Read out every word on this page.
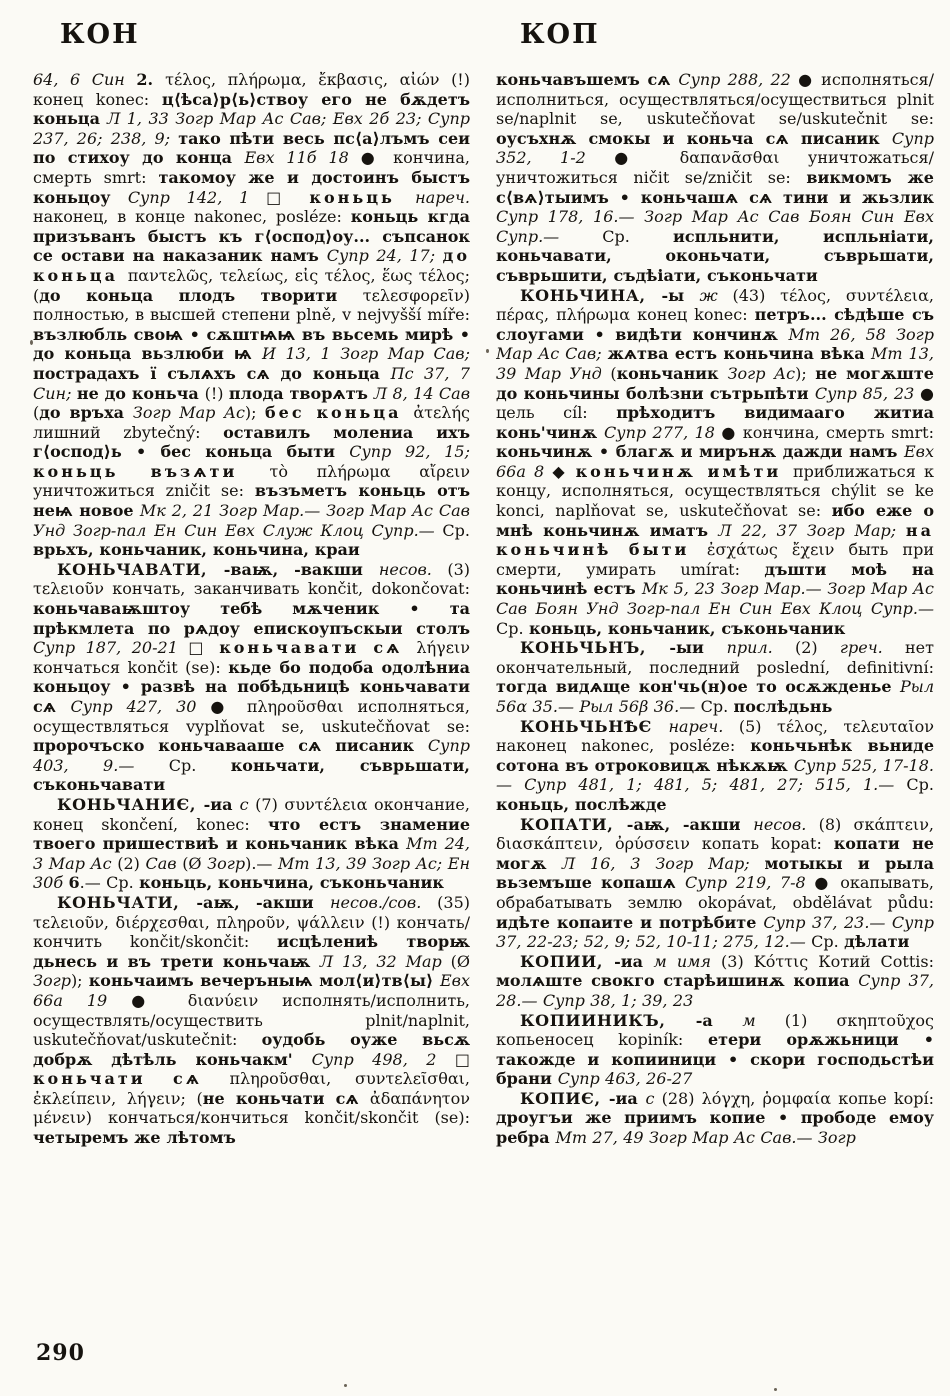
КОН	КОП

64, 6 Син 2. τέλος, πλήρωμα, ἔκβασις, αἰών (!) конец konec: ц⟨ѣса⟩р⟨ь⟩ствоу его не бѫдетъ коньца Л 1, 33 Зогр Мар Ас Сав; Евх 2б 23; Супр 237, 26; 238, 9; тако пѣти весь пс⟨а⟩лъмъ сеи по стихоу до конца Евх 11б 18 ● кончина, смерть smrt: такомоу же и достоинъ быстъ коньцоу Супр 142, 1 □ коньць нареч. наконец, в конце nakonec, posléze: коньць кгда призъванъ быстъ къ г⟨оспод⟩оу... съпсанок се остави на наказаник намъ Супр 24, 17; до коньца παντελῶς, τελείως, εἰς τέλος, ἕως τέλος; (до коньца плодъ творити τελεσφορεῖν) полностью, в высшей степени plně, v nejvyšší míře: възлюбль своѩ • сѫштѩѩ въ вьсемь мирѣ • до коньца вьзлюби ѩ И 13, 1 Зогр Мар Сав; пострадахъ ї сълѧхъ сѧ до коньца Пс 37, 7 Син; не до коньча (!) плода творѧтъ Л 8, 14 Сав (до връха Зогр Мар Ас); бес коньца ἀτελής лишний zbytečný: оставилъ молениа ихъ г⟨оспод⟩ь • бес коньца быти Супр 92, 15; коньць възѧти τὸ πλήρωμα αἴρειν уничтожиться zničit se: възъметъ коньць отъ неѩ новое Мк 2, 21 Зогр Мар.— Зогр Мар Ас Сав Унд Зогр-пал Ен Син Евх Служ Клоц Супр.— Ср. врьхъ, коньчаник, коньчина, краи

КОНЬЧАВАТИ, -ваѭ, -вакши несов. (3) τελειοῦν кончать, заканчивать končit, dokončovat: коньчаваѭштоу тебѣ мѫченик • та прѣкмлета по рѧдоу епискоупъскыи столъ Супр 187, 20-21 □ коньчавати сѧ λήγειν кончаться končit (se): кьде бо подоба одолѣниа коньцоу • развѣ на побѣдьницѣ коньчавати сѧ Супр 427, 30 ● πληροῦσθαι исполняться, осуществляться vyplňovat se, uskutečňovat se: пророчъско коньчавааше сѧ писаник Супр 403, 9.— Ср. коньчати, съврьшати, съконьчавати

КОНЬЧАНИЄ, -иа с (7) συντέλεια окончание, конец skončení, konec: что естъ знамение твоего пришествиѣ и коньчаник вѣка Мт 24, 3 Мар Ас (2) Сав (Ø Зогр).— Мт 13, 39 Зогр Ас; Ен 30б 6.— Ср. коньць, коньчина, съконьчаник

КОНЬЧАТИ, -аѭ, -акши несов./сов. (35) τελειοῦν, διέρχεσθαι, πληροῦν, ψάλλειν (!) кончать/кончить končit/skončit: исцѣлениѣ творѭ дьнесь и въ трети коньчаѭ Л 13, 32 Мар (Ø Зогр); коньчаимъ вечеръныѩ мол⟨и⟩тв⟨ы⟩ Евх 66а 19 ● διανύειν исполнять/исполнить, осуществлять/осуществить plnit/naplnit, uskutečňovat/uskutečnit: оудобь оуже вьсѫ добрѫ дѣтѣль коньчакм' Супр 498, 2 □ коньчати сѧ πληροῦσθαι, συντελεῖσθαι, ἐκλείπειν, λήγειν; (не коньчати сѧ ἀδαπάνητον μένειν) кончаться/кончиться končit/skončit (se): четыремъ же лѣтомъ

коньчавъшемъ сѧ Супр 288, 22 ● исполняться/исполниться, осуществляться/осуществиться plnit se/naplnit se, uskutečňovat se/uskutečnit se: оусъхнѫ смокы и коньча сѧ писаник Супр 352, 1-2 ● δαπανᾶσθαι уничтожаться/уничтожиться ničit se/zničit se: викмомъ же с⟨вѧ⟩тыимъ • коньчашѧ сѧ тини и жьзлик Супр 178, 16.— Зогр Мар Ас Сав Боян Син Евх Супр.— Ср. испльнити, испльніати, коньчавати, оконьчати, съврьшати, съврьшити, съдѣіати, съконьчати

КОНЬЧИНА, -ы ж (43) τέλος, συντέλεια, πέρας, πλήρωμα конец konec: петръ... сѣдѣше съ слоугами • видѣти кончинѫ Мт 26, 58 Зогр Мар Ас Сав; жѧтва естъ коньчина вѣка Мт 13, 39 Мар Унд (коньчаник Зогр Ас); не могѫште до коньчины болѣзни сътрьпѣти Супр 85, 23 ● цель cíl: прѣходитъ видимааго житиа конь'чинѫ Супр 277, 18 ● кончина, смерть smrt: коньчинѫ • благѫ и мирънѫ дажди намъ Евх 66а 8 ◆ коньчинѫ имѣти приближаться к концу, исполняться, осуществляться chýlit se ke konci, naplňovat se, uskutečňovat se: ибо еже о мнѣ коньчинѫ иматъ Л 22, 37 Зогр Мар; на коньчинѣ быти ἐσχάτως ἔχειν быть при смерти, умирать umírat: дъшти моѣ на коньчинѣ естъ Мк 5, 23 Зогр Мар.— Зогр Мар Ас Сав Боян Унд Зогр-пал Ен Син Евх Клоц Супр.— Ср. коньць, коньчаник, съконьчаник

КОНЬЧЬНЪ, -ыи прил. (2) греч. нет окончательный, последний poslední, definitivní: тогда видѧще кон'чь(н)ое то осѫжденье Рыл 56α 35.— Рыл 56β 36.— Ср. послѣдьнь

КОНЬЧЬНѢЄ нареч. (5) τέλος, τελευταῖον наконец nakonec, posléze: коньчьнѣк вьниде сотона въ отроковицѫ нѣкѫѭ Супр 525, 17-18.— Супр 481, 1; 481, 5; 481, 27; 515, 1.— Ср. коньць, послѣжде

КОПАТИ, -аѭ, -акши несов. (8) σκάπτειν, διασκάπτειν, ὀρύσσειν копать kopat: копати не могѫ Л 16, 3 Зогр Мар; мотыкы и рыла вьземъше копашѧ Супр 219, 7-8 ● окапывать, обрабатывать землю okopávat, obdělávat půdu: идѣте копаите и потрѣбите Супр 37, 23.— Супр 37, 22-23; 52, 9; 52, 10-11; 275, 12.— Ср. дѣлати

КОПИИ, -иа м имя (3) Κόττις Котий Cottis: молѧште свокго старѣишинѫ копиа Супр 37, 28.— Супр 38, 1; 39, 23

КОПИИНИКЪ, -а м (1) σκηπτοῦχος копьеносец kopiník: етери орѫжьници • такожде и копииници • скори господьстѣи брани Супр 463, 26-27

КОПИЄ, -иа с (28) λόγχη, ῥομφαία копье kopí: дроугъи же приимъ копие • прободе емоу ребра Мт 27, 49 Зогр Мар Ас Сав.— Зогр

290
